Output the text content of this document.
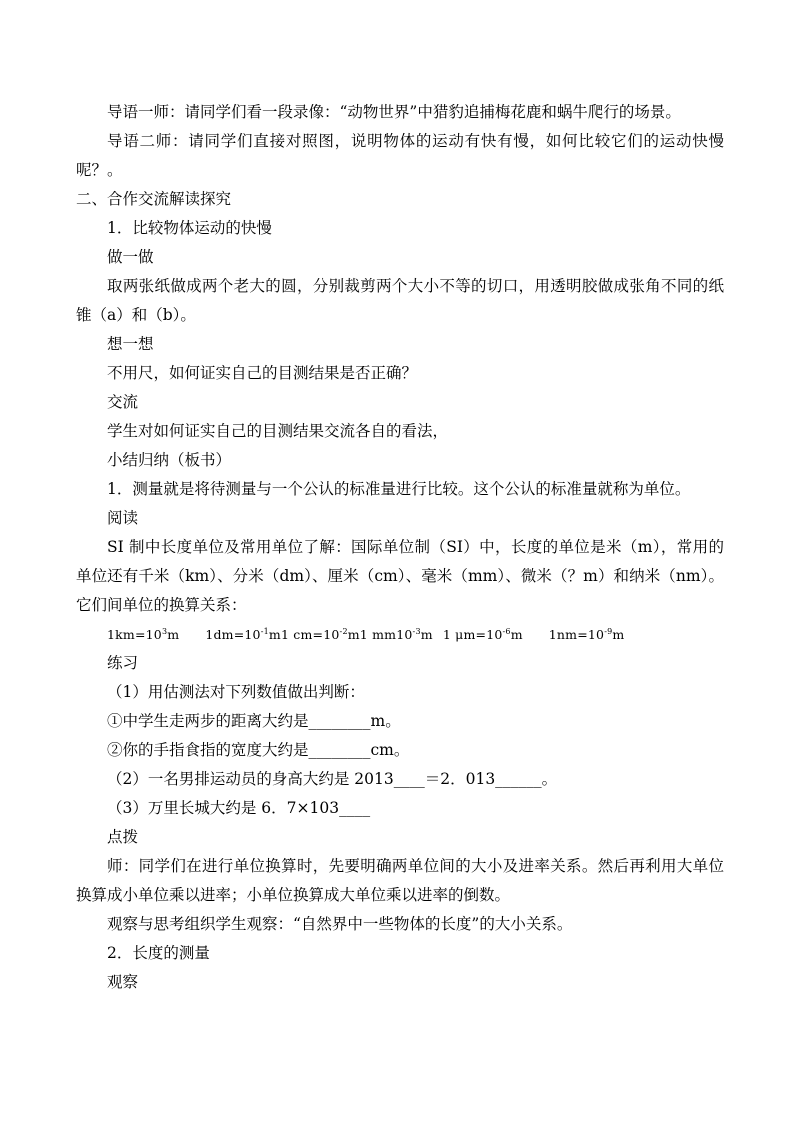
导语一师：请同学们看一段录像：“动物世界”中猎豹追捕梅花鹿和蜗牛爬行的场景。

导语二师：请同学们直接对照图，说明物体的运动有快有慢，如何比较它们的运动快慢呢？。

二、合作交流解读探究

1．比较物体运动的快慢

做一做

取两张纸做成两个老大的圆，分别裁剪两个大小不等的切口，用透明胶做成张角不同的纸锥（a）和（b）。

想一想

不用尺，如何证实自己的目测结果是否正确？

交流

学生对如何证实自己的目测结果交流各自的看法，

小结归纳（板书）

1．测量就是将待测量与一个公认的标准量进行比较。这个公认的标准量就称为单位。

阅读

SI 制中长度单位及常用单位了解：国际单位制（SI）中，长度的单位是米（m），常用的单位还有千米（km）、分米（dm）、厘米（cm）、毫米（mm）、微米（？m）和纳米（nm）。它们间单位的换算关系：

$1km=10^3m$ $1dm=10^{-1}m1$ $cm=10^{-2}m1$ $mm10^{-3}m$ 1 $\mu m=10^{-6}m$ $1nm=10^{-9}m$

练习

（1）用估测法对下列数值做出判断：

①中学生走两步的距离大约是________m。

②你的手指食指的宽度大约是________cm。

（2）一名男排运动员的身高大约是 2013____＝2．013______。

（3）万里长城大约是 6．7×103____

点拨

师：同学们在进行单位换算时，先要明确两单位间的大小及进率关系。然后再利用大单位换算成小单位乘以进率；小单位换算成大单位乘以进率的倒数。

观察与思考组织学生观察：“自然界中一些物体的长度”的大小关系。

2．长度的测量

观察
